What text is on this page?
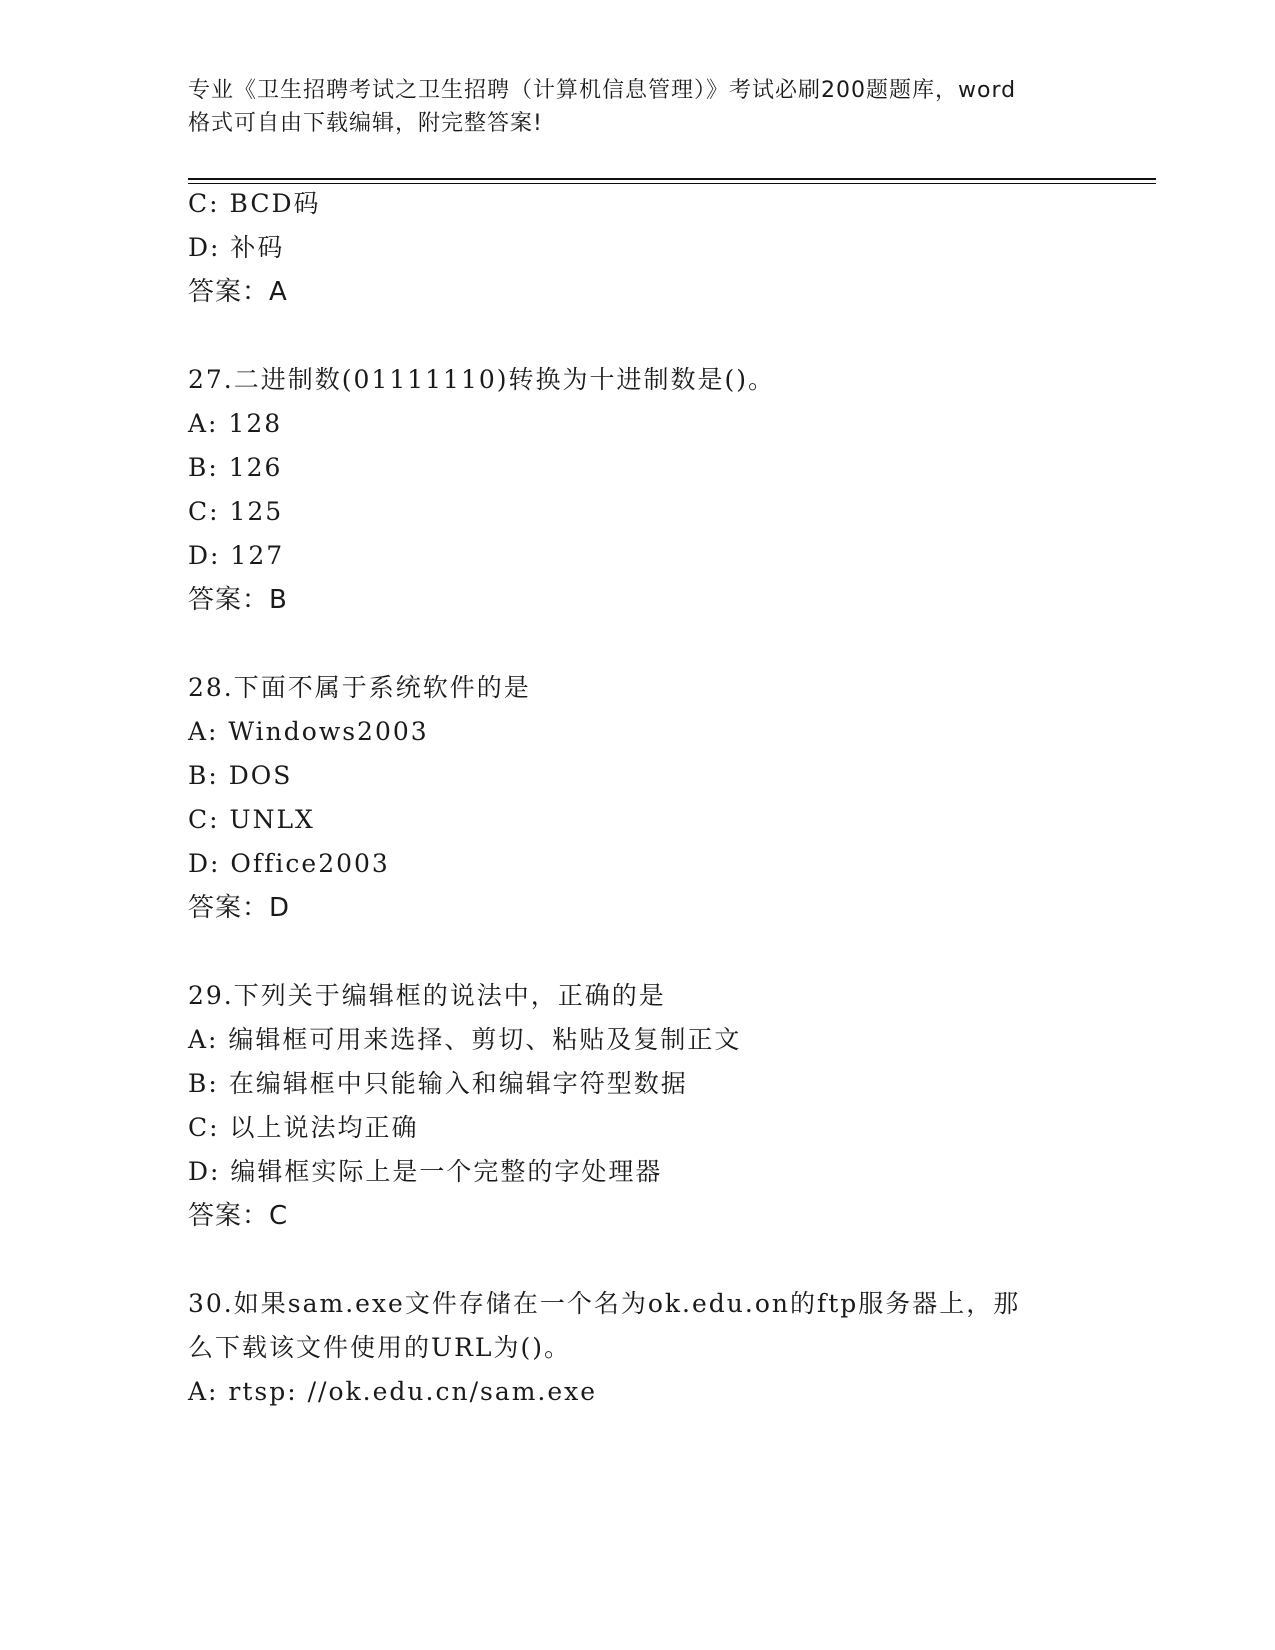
专业《卫生招聘考试之卫生招聘（计算机信息管理）》考试必刷200题题库，word
格式可自由下载编辑，附完整答案!
C: BCD码
D: 补码
答案：A
27.二进制数(01111110)转换为十进制数是()。
A: 128
B: 126
C: 125
D: 127
答案：B
28.下面不属于系统软件的是
A: Windows2003
B: DOS
C: UNLX
D: Office2003
答案：D
29.下列关于编辑框的说法中，正确的是
A: 编辑框可用来选择、剪切、粘贴及复制正文
B: 在编辑框中只能输入和编辑字符型数据
C: 以上说法均正确
D: 编辑框实际上是一个完整的字处理器
答案：C
30.如果sam.exe文件存储在一个名为ok.edu.on的ftp服务器上，那
么下载该文件使用的URL为()。
A: rtsp: //ok.edu.cn/sam.exe
